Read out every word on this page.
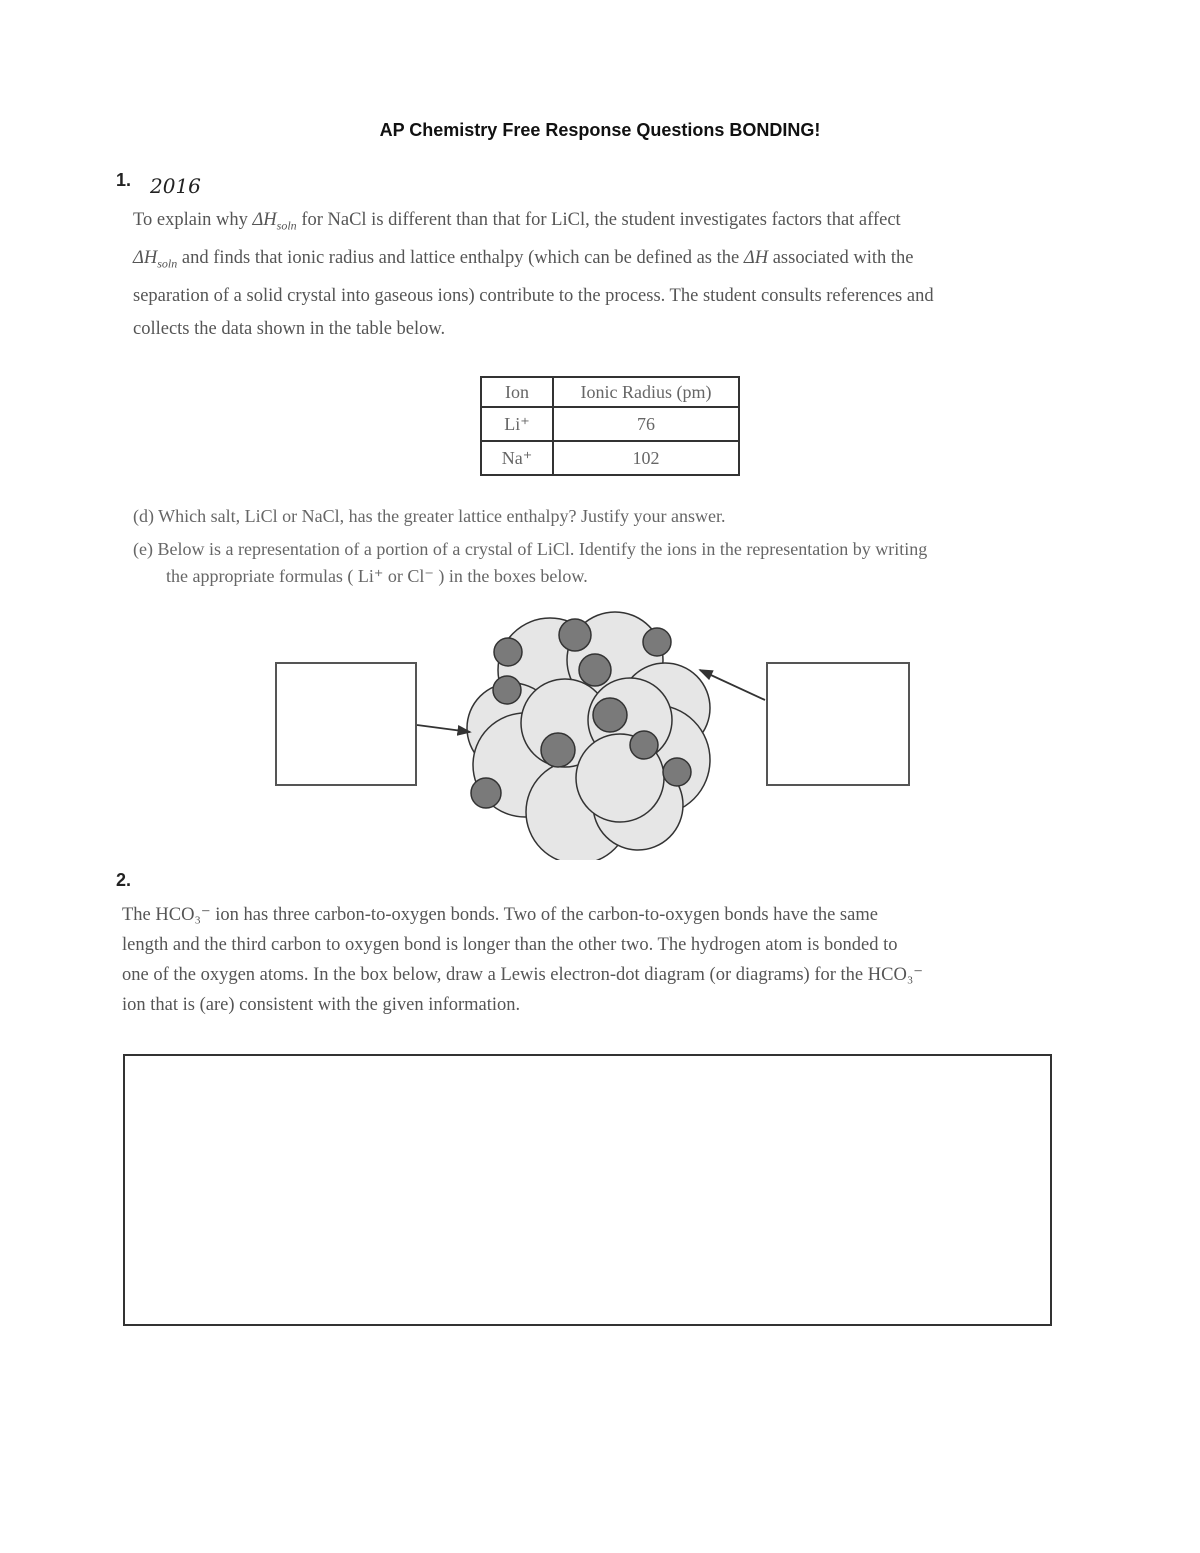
AP Chemistry Free Response Questions BONDING!
1. 2016
To explain why $\Delta H_{soln}$ for NaCl is different than that for LiCl, the student investigates factors that affect
$\Delta H_{soln}$ and finds that ionic radius and lattice enthalpy (which can be defined as the ΔH associated with the
separation of a solid crystal into gaseous ions) contribute to the process. The student consults references and
collects the data shown in the table below.
Ion	Ionic Radius (pm)
Li⁺	76
Na⁺	102
(d) Which salt, LiCl or NaCl, has the greater lattice enthalpy? Justify your answer.
(e) Below is a representation of a portion of a crystal of LiCl. Identify the ions in the representation by writing
the appropriate formulas ( Li⁺ or Cl⁻ ) in the boxes below.
2.
The HCO₃⁻ ion has three carbon-to-oxygen bonds. Two of the carbon-to-oxygen bonds have the same
length and the third carbon to oxygen bond is longer than the other two. The hydrogen atom is bonded to
one of the oxygen atoms. In the box below, draw a Lewis electron-dot diagram (or diagrams) for the HCO₃⁻
ion that is (are) consistent with the given information.
